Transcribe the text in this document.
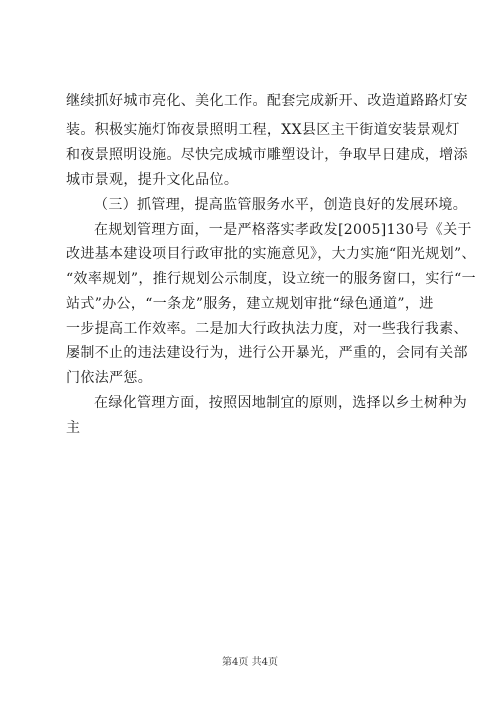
继续抓好城市亮化、美化工作。配套完成新开、改造道路路灯安
装。积极实施灯饰夜景照明工程，XX县区主干街道安装景观灯
和夜景照明设施。尽快完成城市雕塑设计，争取早日建成，增添
城市景观，提升文化品位。
（三）抓管理，提高监管服务水平，创造良好的发展环境。
在规划管理方面，一是严格落实孝政发[2005]130号《关于
改进基本建设项目行政审批的实施意见》，大力实施“阳光规划”、
“效率规划”，推行规划公示制度，设立统一的服务窗口，实行“一
站式”办公，“一条龙”服务，建立规划审批“绿色通道”，进
一步提高工作效率。二是加大行政执法力度，对一些我行我素、
屡制不止的违法建设行为，进行公开暴光，严重的，会同有关部
门依法严惩。
在绿化管理方面，按照因地制宜的原则，选择以乡土树种为
主
第4页 共4页
